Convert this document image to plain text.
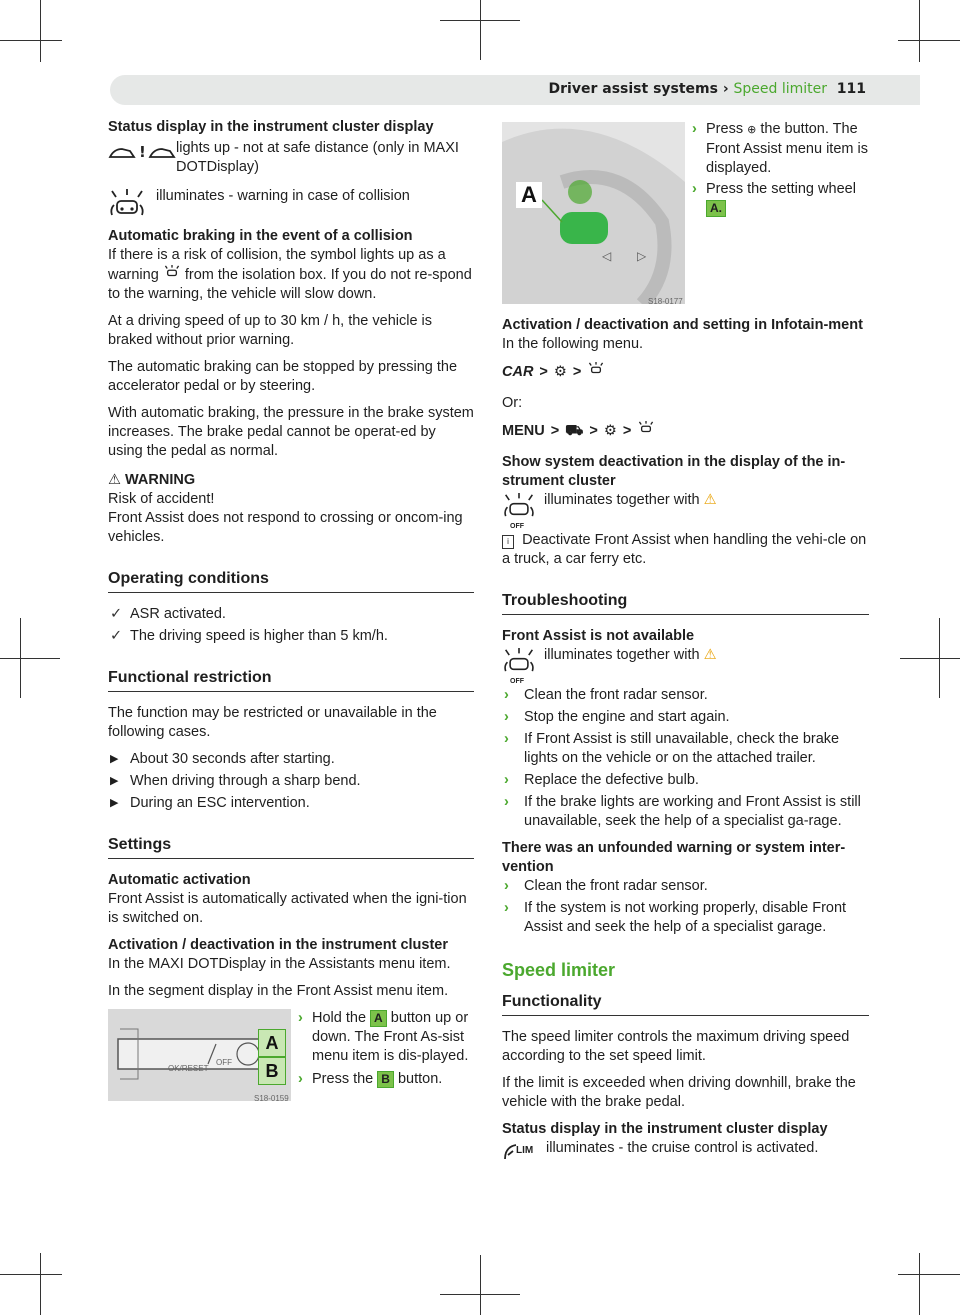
Driver assist systems › Speed limiter 111

Status display in the instrument cluster display

!	lights up - not at safe distance (only in MAXI DOTDisplay)
illuminates - warning in case of collision

Automatic braking in the event of a collision

If there is a risk of collision, the symbol lights up as a warning from the isolation box. If you do not re-spond to the warning, the vehicle will slow down.

At a driving speed of up to 30 km / h, the vehicle is braked without prior warning.

The automatic braking can be stopped by pressing the accelerator pedal or by steering.

With automatic braking, the pressure in the brake system increases. The brake pedal cannot be operat-ed by using the pedal as normal.

⚠ WARNING
Risk of accident!
Front Assist does not respond to crossing or oncom-ing vehicles.
Operating conditions
✓ ASR activated.
✓ The driving speed is higher than 5 km/h.
Functional restriction

The function may be restricted or unavailable in the following cases.

▶ About 30 seconds after starting.
▶ When driving through a sharp bend.
▶ During an ESC intervention.
Settings

Automatic activation

Front Assist is automatically activated when the igni-tion is switched on.

Activation / deactivation in the instrument cluster

In the MAXI DOTDisplay in the Assistants menu item.

In the segment display in the Front Assist menu item.

OK/RESET
OFF
A
B
S18-0159
› Hold the A button up or down. The Front As-sist menu item is dis-played.
› Press the B button.
◁ ▷
A
S18-0177
› Press ⊕ the button. The Front Assist menu item is displayed.
› Press the setting wheel A.

Activation / deactivation and setting in Infotain-ment

In the following menu.

CAR > ⚙ >

Or:

MENU > ⛟ > ⚙ >

Show system deactivation in the display of the in-strument cluster

OFF
illuminates together with ⚠

i Deactivate Front Assist when handling the vehi-cle on a truck, a car ferry etc.

Troubleshooting

Front Assist is not available

OFF
illuminates together with ⚠
› Clean the front radar sensor.
› Stop the engine and start again.
› If Front Assist is still unavailable, check the brake lights on the vehicle or on the attached trailer.
› Replace the defective bulb.
› If the brake lights are working and Front Assist is still unavailable, seek the help of a specialist ga-rage.

There was an unfounded warning or system inter-vention

› Clean the front radar sensor.
› If the system is not working properly, disable Front Assist and seek the help of a specialist garage.
Speed limiter
Functionality

The speed limiter controls the maximum driving speed according to the set speed limit.

If the limit is exceeded when driving downhill, brake the vehicle with the brake pedal.

Status display in the instrument cluster display

LIM illuminates - the cruise control is activated.
